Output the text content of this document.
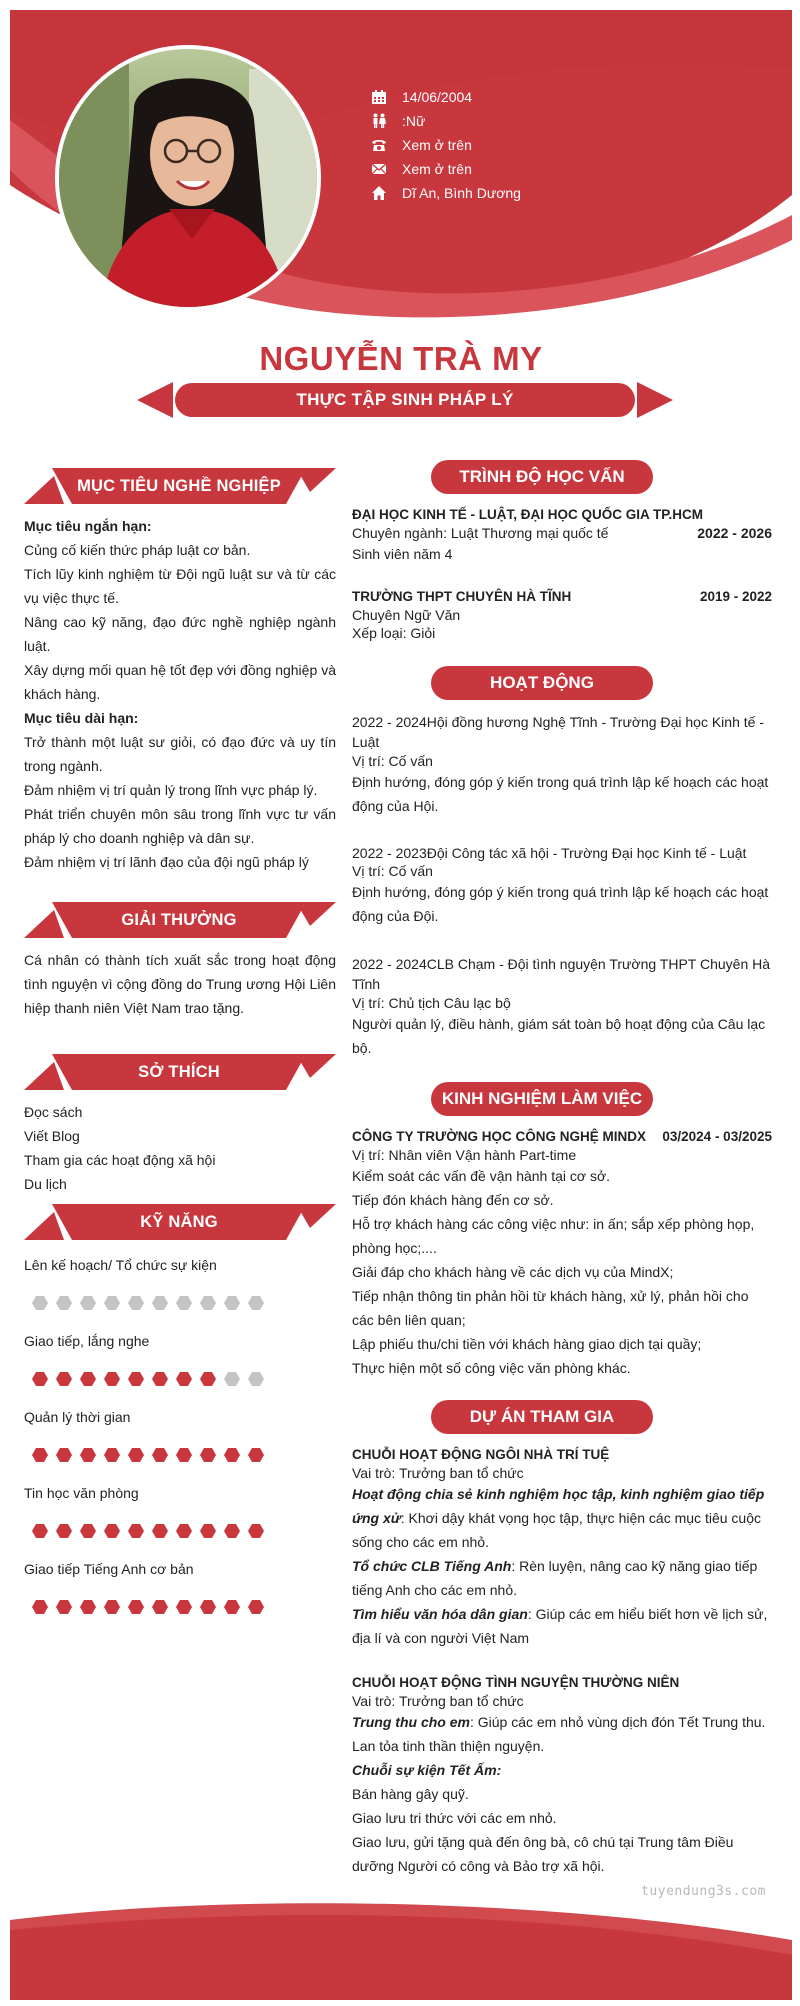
14/06/2004
:Nữ
Xem ở trên
Xem ở trên
Dĩ An, Bình Dương
NGUYỄN TRÀ MY
THỰC TẬP SINH PHÁP LÝ
MỤC TIÊU NGHỀ NGHIỆP
Mục tiêu ngắn hạn:
Củng cố kiến thức pháp luật cơ bản.
Tích lũy kinh nghiệm từ Đội ngũ luật sư và từ các vụ việc thực tế.
Nâng cao kỹ năng, đạo đức nghề nghiệp ngành luật.
Xây dựng mối quan hệ tốt đẹp với đồng nghiệp và khách hàng.
Mục tiêu dài hạn:
Trở thành một luật sư giỏi, có đạo đức và uy tín trong ngành.
Đảm nhiệm vị trí quản lý trong lĩnh vực pháp lý.
Phát triển chuyên môn sâu trong lĩnh vực tư vấn pháp lý cho doanh nghiệp và dân sự.
Đảm nhiệm vị trí lãnh đạo của đội ngũ pháp lý
GIẢI THƯỞNG
Cá nhân có thành tích xuất sắc trong hoạt động tình nguyện vì cộng đồng do Trung ương Hội Liên hiệp thanh niên Việt Nam trao tặng.
SỞ THÍCH
Đọc sách
Viết Blog
Tham gia các hoạt động xã hội
Du lịch
KỸ NĂNG
Lên kế hoạch/ Tổ chức sự kiện
Giao tiếp, lắng nghe
Quản lý thời gian
Tin học văn phòng
Giao tiếp Tiếng Anh cơ bản
TRÌNH ĐỘ HỌC VẤN
ĐẠI HỌC KINH TẾ - LUẬT, ĐẠI HỌC QUỐC GIA TP.HCM
Chuyên ngành: Luật Thương mại quốc tế	2022 - 2026
Sinh viên năm 4
TRƯỜNG THPT CHUYÊN HÀ TĨNH	2019 - 2022
Chuyên Ngữ Văn
Xếp loại: Giỏi
HOẠT ĐỘNG
2022 - 2024Hội đồng hương Nghệ Tĩnh - Trường Đại học Kinh tế - Luật
Vị trí: Cố vấn
Định hướng, đóng góp ý kiến trong quá trình lập kế hoạch các hoạt động của Hội.
2022 - 2023Đội Công tác xã hội - Trường Đại học Kinh tế - Luật
Vị trí: Cố vấn
Định hướng, đóng góp ý kiến trong quá trình lập kế hoạch các hoạt động của Đội.
2022 - 2024CLB Chạm - Đội tình nguyện Trường THPT Chuyên Hà Tĩnh
Vị trí: Chủ tịch Câu lạc bộ
Người quản lý, điều hành, giám sát toàn bộ hoạt động của Câu lạc bộ.
KINH NGHIỆM LÀM VIỆC
CÔNG TY TRƯỜNG HỌC CÔNG NGHỆ MINDX 03/2024 - 03/2025
Vị trí: Nhân viên Vận hành Part-time
Kiểm soát các vấn đề vận hành tại cơ sở.
Tiếp đón khách hàng đến cơ sở.
Hỗ trợ khách hàng các công việc như: in ấn; sắp xếp phòng họp, phòng học;....
Giải đáp cho khách hàng về các dịch vụ của MindX;
Tiếp nhận thông tin phản hồi từ khách hàng, xử lý, phản hồi cho các bên liên quan;
Lập phiếu thu/chi tiền với khách hàng giao dịch tại quầy;
Thực hiện một số công việc văn phòng khác.
DỰ ÁN THAM GIA
CHUỖI HOẠT ĐỘNG NGÔI NHÀ TRÍ TUỆ
Vai trò: Trưởng ban tổ chức
Hoạt động chia sẻ kinh nghiệm học tập, kinh nghiệm giao tiếp ứng xử: Khơi dậy khát vọng học tập, thực hiện các mục tiêu cuộc sống cho các em nhỏ.
Tổ chức CLB Tiếng Anh: Rèn luyện, nâng cao kỹ năng giao tiếp tiếng Anh cho các em nhỏ.
Tìm hiểu văn hóa dân gian: Giúp các em hiểu biết hơn về lịch sử, địa lí và con người Việt Nam
CHUỖI HOẠT ĐỘNG TÌNH NGUYỆN THƯỜNG NIÊN
Vai trò: Trưởng ban tổ chức
Trung thu cho em: Giúp các em nhỏ vùng dịch đón Tết Trung thu. Lan tỏa tinh thần thiện nguyện.
Chuỗi sự kiện Tết Ấm:
Bán hàng gây quỹ.
Giao lưu tri thức với các em nhỏ.
Giao lưu, gửi tặng quà đến ông bà, cô chú tại Trung tâm Điều dưỡng Người có công và Bảo trợ xã hội.
tuyendung3s.com
